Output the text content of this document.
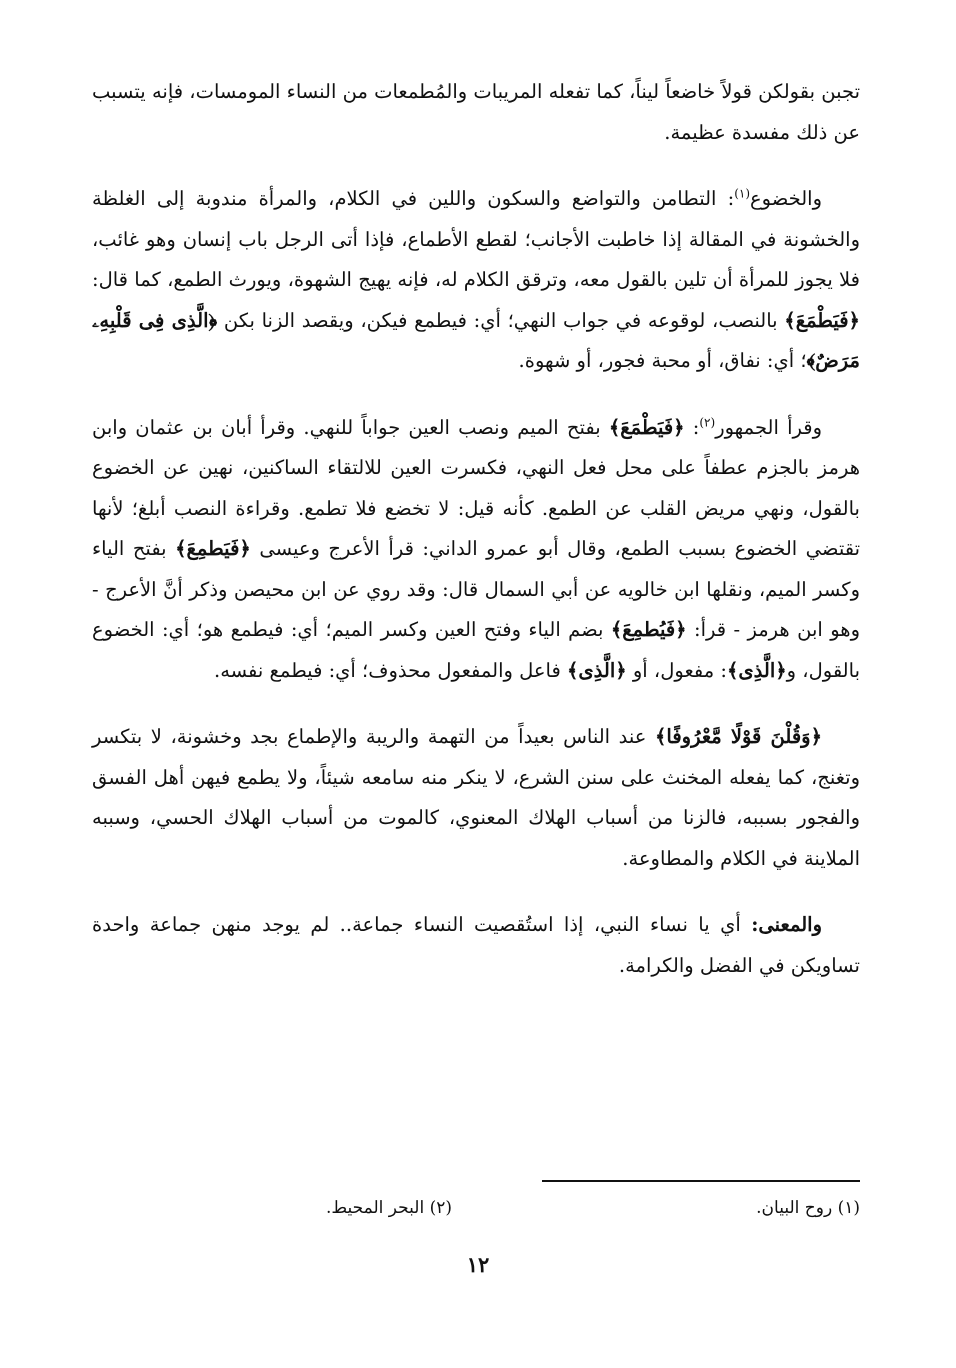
تجبن بقولكن قولاً خاضعاً ليناً، كما تفعله المريبات والمُطمعات من النساء المومسات، فإنه يتسبب عن ذلك مفسدة عظيمة.

والخضوع$^{(١)}$: التطامن والتواضع والسكون واللين في الكلام، والمرأة مندوبة إلى الغلظة والخشونة في المقالة إذا خاطبت الأجانب؛ لقطع الأطماع، فإذا أتى الرجل باب إنسان وهو غائب، فلا يجوز للمرأة أن تلين بالقول معه، وترقق الكلام له، فإنه يهيج الشهوة، ويورث الطمع، كما قال: ﴿فَيَطْمَعَ﴾ بالنصب، لوقوعه في جواب النهي؛ أي: فيطمع فيكن، ويقصد الزنا بكن ﴿الَّذِى فِى قَلْبِهِۦ مَرَضٌ﴾؛ أي: نفاق، أو محبة فجور، أو شهوة.

وقرأ الجمهور$^{(٢)}$: ﴿فَيَطْمَعَ﴾ بفتح الميم ونصب العين جواباً للنهي. وقرأ أبان بن عثمان وابن هرمز بالجزم عطفاً على محل فعل النهي، فكسرت العين للالتقاء الساكنين، نهين عن الخضوع بالقول، ونهي مريض القلب عن الطمع. كأنه قيل: لا تخضع فلا تطمع. وقراءة النصب أبلغ؛ لأنها تقتضي الخضوع بسبب الطمع، وقال أبو عمرو الداني: قرأ الأعرج وعيسى ﴿فَيَطمِعَ﴾ بفتح الياء وكسر الميم، ونقلها ابن خالويه عن أبي السمال قال: وقد روي عن ابن محيصن وذكر أنَّ الأعرج - وهو ابن هرمز - قرأ: ﴿فَيُطمِعَ﴾ بضم الياء وفتح العين وكسر الميم؛ أي: فيطمع هو؛ أي: الخضوع بالقول، و﴿الَّذِى﴾: مفعول، أو ﴿الَّذِى﴾ فاعل والمفعول محذوف؛ أي: فيطمع نفسه.

﴿وَقُلْنَ قَوْلًا مَّعْرُوفًا﴾ عند الناس بعيداً من التهمة والريبة والإطماع بجد وخشونة، لا بتكسر وتغنج، كما يفعله المخنث على سنن الشرع، لا ينكر منه سامعه شيئاً، ولا يطمع فيهن أهل الفسق والفجور بسببه، فالزنا من أسباب الهلاك المعنوي، كالموت من أسباب الهلاك الحسي، وسببه الملاينة في الكلام والمطاوعة.

والمعنى: أي يا نساء النبي، إذا استُقصيت النساء جماعة.. لم يوجد منهن جماعة واحدة تساويكن في الفضل والكرامة.

(١) روح البيان.
(٢) البحر المحيط.
١٢
